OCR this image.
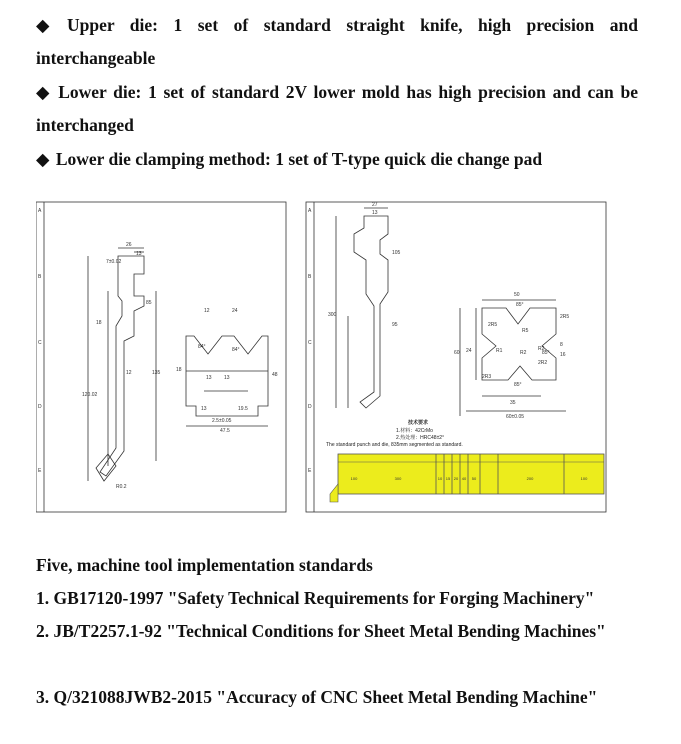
◆ Upper die: 1 set of standard straight knife, high precision and interchangeable
◆ Lower die: 1 set of standard 2V lower mold has high precision and can be interchanged
◆ Lower die clamping method: 1 set of T-type quick die change pad
A
B
C
D
E
A
B
C
D
E
26
13
7±0.02
85
18
12	135
120.02
R0.2
12	24
84°	84°
13 13
18
48
13	19.5
2.5±0.05
47.5
27
13
105
95
300
50
85°
2R5
R5
2R5
R1	R2
R2
2R2
2R3
85°
35
60±0.05
60 24	85°
8
16
技术要求
1.材料：42CrMo
2.热处理：HRC48±2°
The standard punch and die, 835mm segmented as standard.
100	300	10 15 20 40 50	200	100
Five, machine tool implementation standards
1. GB17120-1997 "Safety Technical Requirements for Forging Machinery"
2. JB/T2257.1-92 "Technical Conditions for Sheet Metal Bending Machines"
3. Q/321088JWB2-2015 "Accuracy of CNC Sheet Metal Bending Machine"
